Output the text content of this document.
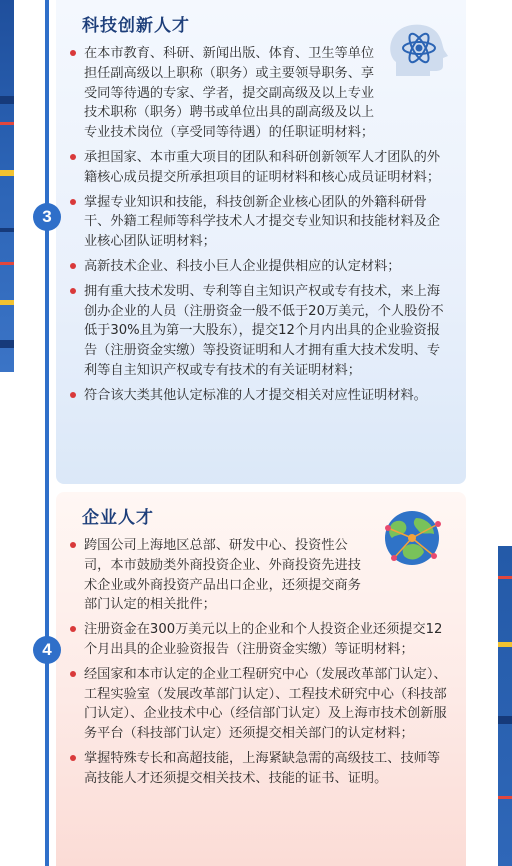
科技创新人才
在本市教育、科研、新闻出版、体育、卫生等单位担任副高级以上职称（职务）或主要领导职务、享受同等待遇的专家、学者，提交副高级及以上专业技术职称（职务）聘书或单位出具的副高级及以上专业技术岗位（享受同等待遇）的任职证明材料；
承担国家、本市重大项目的团队和科研创新领军人才团队的外籍核心成员提交所承担项目的证明材料和核心成员证明材料；
掌握专业知识和技能，科技创新企业核心团队的外籍科研骨干、外籍工程师等科学技术人才提交专业知识和技能材料及企业核心团队证明材料；
高新技术企业、科技小巨人企业提供相应的认定材料；
拥有重大技术发明、专利等自主知识产权或专有技术，来上海创办企业的人员（注册资金一般不低于20万美元，个人股份不低于30%且为第一大股东），提交12个月内出具的企业验资报告（注册资金实缴）等投资证明和人才拥有重大技术发明、专利等自主知识产权或专有技术的有关证明材料；
符合该大类其他认定标准的人才提交相关对应性证明材料。
3
企业人才
跨国公司上海地区总部、研发中心、投资性公司，本市鼓励类外商投资企业、外商投资先进技术企业或外商投资产品出口企业，还须提交商务部门认定的相关批件；
注册资金在300万美元以上的企业和个人投资企业还须提交12个月出具的企业验资报告（注册资金实缴）等证明材料；
经国家和本市认定的企业工程研究中心（发展改革部门认定）、工程实验室（发展改革部门认定）、工程技术研究中心（科技部门认定）、企业技术中心（经信部门认定）及上海市技术创新服务平台（科技部门认定）还须提交相关部门的认定材料；
掌握特殊专长和高超技能，上海紧缺急需的高级技工、技师等高技能人才还须提交相关技术、技能的证书、证明。
4
